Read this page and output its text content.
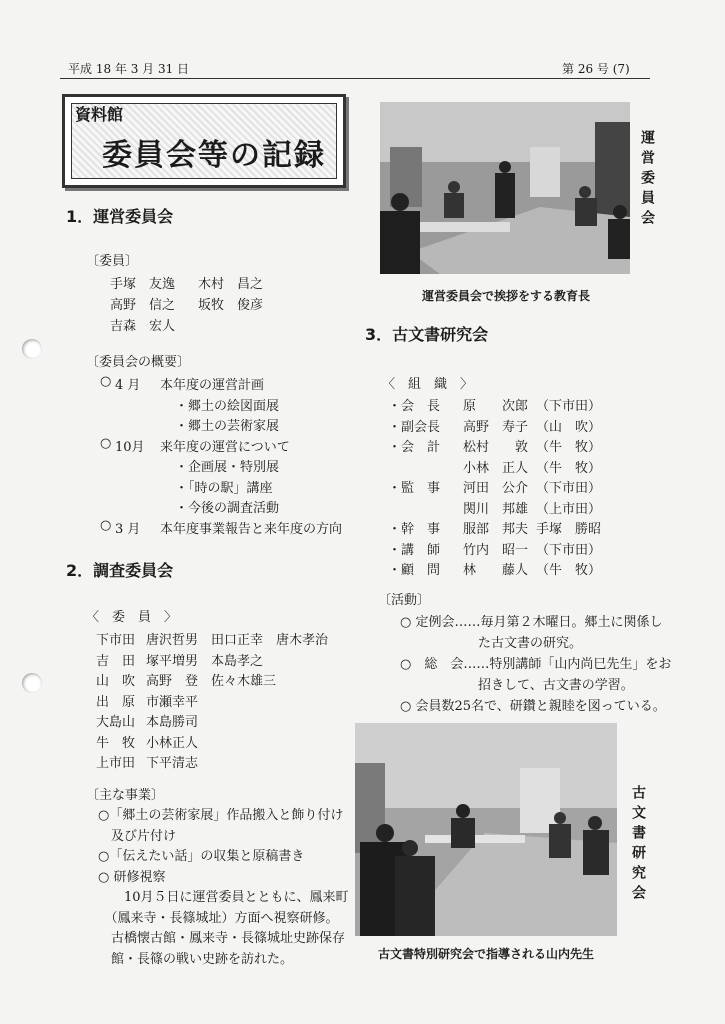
平成 18 年 3 月 31 日	第 26 号 (7)
資料館
委員会等の記録
1．運営委員会
〔委員〕
手塚　友逸 木村　昌之
高野　信之 坂牧　俊彦
吉森　宏人
〔委員会の概要〕
○ 4 月 本年度の運営計画
・郷土の絵図面展
・郷土の芸術家展
○ 10月 来年度の運営について
・企画展・特別展
・「時の駅」講座
・今後の調査活動
○ 3 月 本年度事業報告と来年度の方向
2．調査委員会
〈　委　員　〉
下市田 唐沢哲男　田口正幸　唐木孝治
吉　田 塚平増男　本島孝之
山　吹 高野　登　佐々木雄三
出　原 市瀬幸平
大島山 本島勝司
牛　牧 小林正人
上市田 下平清志
〔主な事業〕
○「郷土の芸術家展」作品搬入と飾り付け
　及び片付け
○「伝えたい話」の収集と原稿書き
○ 研修視察
　　10月５日に運営委員とともに、鳳来町
　（鳳来寺・長篠城址）方面へ視察研修。
　古橋懐古館・鳳来寺・長篠城址史跡保存
　館・長篠の戦い史跡を訪れた。
運営委員会
運営委員会で挨拶をする教育長
3．古文書研究会
〈　組　織　〉
・会　長 原　　次郎 （下市田）
・副会長 高野　寿子 （山　吹）
・会　計 松村　　敦 （牛　牧）
小林　正人 （牛　牧）
・監　事 河田　公介 （下市田）
関川　邦雄 （上市田）
・幹　事 服部　邦夫 手塚　勝昭
・講　師 竹内　昭一 （下市田）
・顧　問 林　　藤人 （牛　牧）
〔活動〕
○ 定例会……毎月第２木曜日。郷土に関係し
　　　　　　た古文書の研究。
○　総　会……特別講師「山内尚巳先生」をお
　　　　　　招きして、古文書の学習。
○ 会員数25名で、研鑽と親睦を図っている。
古文書研究会
古文書特別研究会で指導される山内先生
